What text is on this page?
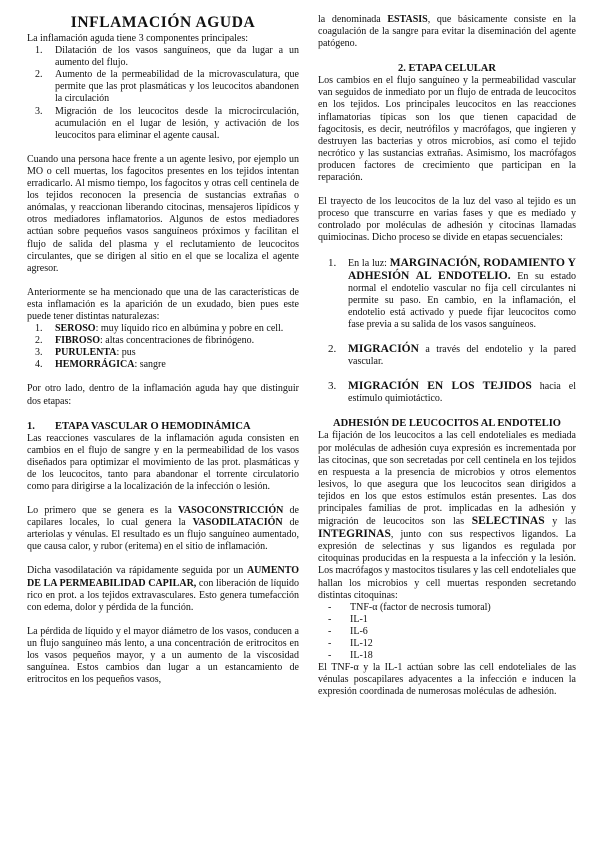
INFLAMACIÓN AGUDA

La inflamación aguda tiene 3 componentes principales:

1. Dilatación de los vasos sanguíneos, que da lugar a un aumento del flujo.
2. Aumento de la permeabilidad de la microvasculatura, que permite que las prot plasmáticas y los leucocitos abandonen la circulación
3. Migración de los leucocitos desde la microcirculación, acumulación en el lugar de lesión, y activación de los leucocitos para eliminar el agente causal.

Cuando una persona hace frente a un agente lesivo, por ejemplo un MO o cell muertas, los fagocitos presentes en los tejidos intentan erradicarlo. Al mismo tiempo, los fagocitos y otras cell centinela de los tejidos reconocen la presencia de sustancias extrañas o anómalas, y reaccionan liberando citocinas, mensajeros lipídicos y otros mediadores inflamatorios. Algunos de estos mediadores actúan sobre pequeños vasos sanguíneos próximos y facilitan el flujo de salida del plasma y el reclutamiento de leucocitos circulantes, que se dirigen al sitio en el que se localiza el agente agresor.

Anteriormente se ha mencionado que una de las características de esta inflamación es la aparición de un exudado, bien pues este puede tener distintas naturalezas:

1. SEROSO: muy líquido rico en albúmina y pobre en cell.
2. FIBROSO: altas concentraciones de fibrinógeno.
3. PURULENTA: pus
4. HEMORRÁGICA: sangre

Por otro lado, dentro de la inflamación aguda hay que distinguir dos etapas:

1. ETAPA VASCULAR O HEMODINÁMICA

Las reacciones vasculares de la inflamación aguda consisten en cambios en el flujo de sangre y en la permeabilidad de los vasos diseñados para optimizar el movimiento de las prot. plasmáticas y de los leucocitos, tanto para abandonar el torrente circulatorio como para dirigirse a la localización de la infección o lesión.

Lo primero que se genera es la VASOCONSTRICCIÓN de capilares locales, lo cual genera la VASODILATACIÓN de arteriolas y vénulas. El resultado es un flujo sanguíneo aumentado, que causa calor, y rubor (eritema) en el sitio de inflamación.

Dicha vasodilatación va rápidamente seguida por un AUMENTO DE LA PERMEABILIDAD CAPILAR, con liberación de líquido rico en prot. a los tejidos extravasculares. Esto genera tumefacción con edema, dolor y pérdida de la función.

La pérdida de líquido y el mayor diámetro de los vasos, conducen a un flujo sanguíneo más lento, a una concentración de eritrocitos en los vasos pequeños mayor, y a un aumento de la viscosidad sanguínea. Estos cambios dan lugar a un estancamiento de eritrocitos en los pequeños vasos,

la denominada ESTASIS, que básicamente consiste en la coagulación de la sangre para evitar la diseminación del agente patógeno.

2. ETAPA CELULAR

Los cambios en el flujo sanguíneo y la permeabilidad vascular van seguidos de inmediato por un flujo de entrada de leucocitos en los tejidos. Los principales leucocitos en las reacciones inflamatorias típicas son los que tienen capacidad de fagocitosis, es decir, neutrófilos y macrófagos, que ingieren y destruyen las bacterias y otros microbios, así como el tejido necrótico y las sustancias extrañas. Asimismo, los macrófagos producen factores de crecimiento que participan en la reparación.

El trayecto de los leucocitos de la luz del vaso al tejido es un proceso que transcurre en varias fases y que es mediado y controlado por moléculas de adhesión y citocinas llamadas quimiocinas. Dicho proceso se divide en etapas secuenciales:

1. En la luz: MARGINACIÓN, RODAMIENTO Y ADHESIÓN AL ENDOTELIO. En su estado normal el endotelio vascular no fija cell circulantes ni permite su paso. En cambio, en la inflamación, el endotelio está activado y puede fijar leucocitos como fase previa a su salida de los vasos sanguíneos.
2. MIGRACIÓN a través del endotelio y la pared vascular.
3. MIGRACIÓN EN LOS TEJIDOS hacia el estímulo quimiotáctico.
ADHESIÓN DE LEUCOCITOS AL ENDOTELIO

La fijación de los leucocitos a las cell endoteliales es mediada por moléculas de adhesión cuya expresión es incrementada por las citocinas, que son secretadas por cell centinela en los tejidos en respuesta a la presencia de microbios y otros elementos lesivos, lo que asegura que los leucocitos sean dirigidos a tejidos en los que estos estímulos están presentes. Las dos principales familias de prot. implicadas en la adhesión y migración de leucocitos son las SELECTINAS y las INTEGRINAS, junto con sus respectivos ligandos. La expresión de selectinas y sus ligandos es regulada por citoquinas producidas en la respuesta a la infección y la lesión. Los macrófagos y mastocitos tisulares y las cell endoteliales que hallan los microbios y cell muertas responden secretando distintas citoquinas:

- TNF-α (factor de necrosis tumoral)
- IL-1
- IL-6
- IL-12
- IL-18

El TNF-α y la IL-1 actúan sobre las cell endoteliales de las vénulas poscapilares adyacentes a la infección e inducen la expresión coordinada de numerosas moléculas de adhesión.
